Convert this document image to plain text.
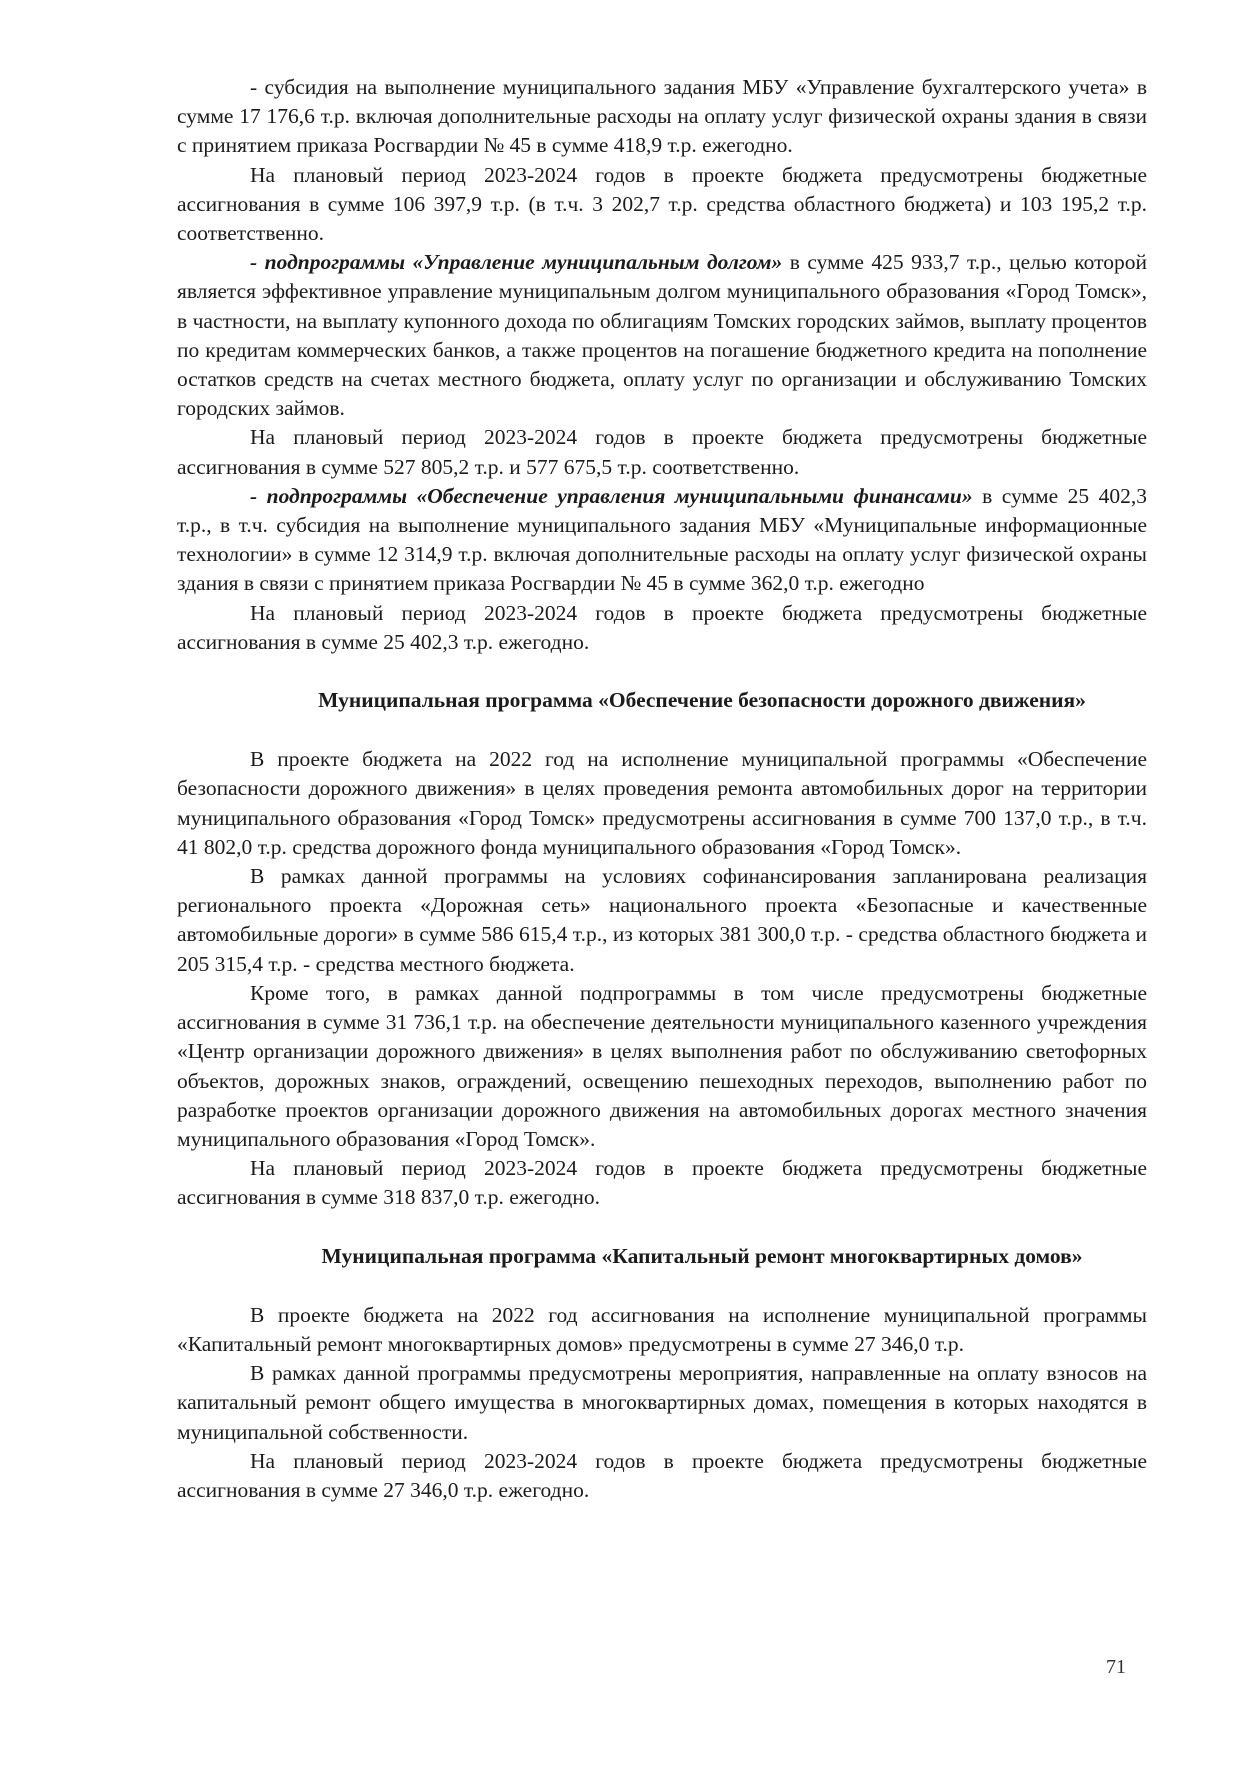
- субсидия на выполнение муниципального задания МБУ «Управление бухгалтерского учета» в сумме 17 176,6 т.р. включая дополнительные расходы на оплату услуг физической охраны здания в связи с принятием приказа Росгвардии № 45 в сумме 418,9 т.р. ежегодно.

На плановый период 2023-2024 годов в проекте бюджета предусмотрены бюджетные ассигнования в сумме 106 397,9 т.р. (в т.ч. 3 202,7 т.р. средства областного бюджета) и 103 195,2 т.р. соответственно.

- подпрограммы «Управление муниципальным долгом» в сумме 425 933,7 т.р., целью которой является эффективное управление муниципальным долгом муниципального образования «Город Томск», в частности, на выплату купонного дохода по облигациям Томских городских займов, выплату процентов по кредитам коммерческих банков, а также процентов на погашение бюджетного кредита на пополнение остатков средств на счетах местного бюджета, оплату услуг по организации и обслуживанию Томских городских займов.

На плановый период 2023-2024 годов в проекте бюджета предусмотрены бюджетные ассигнования в сумме 527 805,2 т.р. и 577 675,5 т.р. соответственно.

- подпрограммы «Обеспечение управления муниципальными финансами» в сумме 25 402,3 т.р., в т.ч. субсидия на выполнение муниципального задания МБУ «Муниципальные информационные технологии» в сумме 12 314,9 т.р. включая дополнительные расходы на оплату услуг физической охраны здания в связи с принятием приказа Росгвардии № 45 в сумме 362,0 т.р. ежегодно

На плановый период 2023-2024 годов в проекте бюджета предусмотрены бюджетные ассигнования в сумме 25 402,3 т.р. ежегодно.

Муниципальная программа «Обеспечение безопасности дорожного движения»

В проекте бюджета на 2022 год на исполнение муниципальной программы «Обеспечение безопасности дорожного движения» в целях проведения ремонта автомобильных дорог на территории муниципального образования «Город Томск» предусмотрены ассигнования в сумме 700 137,0 т.р., в т.ч. 41 802,0 т.р. средства дорожного фонда муниципального образования «Город Томск».

В рамках данной программы на условиях софинансирования запланирована реализация регионального проекта «Дорожная сеть» национального проекта «Безопасные и качественные автомобильные дороги» в сумме 586 615,4 т.р., из которых 381 300,0 т.р. - средства областного бюджета и 205 315,4 т.р. - средства местного бюджета.

Кроме того, в рамках данной подпрограммы в том числе предусмотрены бюджетные ассигнования в сумме 31 736,1 т.р. на обеспечение деятельности муниципального казенного учреждения «Центр организации дорожного движения» в целях выполнения работ по обслуживанию светофорных объектов, дорожных знаков, ограждений, освещению пешеходных переходов, выполнению работ по разработке проектов организации дорожного движения на автомобильных дорогах местного значения муниципального образования «Город Томск».

На плановый период 2023-2024 годов в проекте бюджета предусмотрены бюджетные ассигнования в сумме 318 837,0 т.р. ежегодно.

Муниципальная программа «Капитальный ремонт многоквартирных домов»

В проекте бюджета на 2022 год ассигнования на исполнение муниципальной программы «Капитальный ремонт многоквартирных домов» предусмотрены в сумме 27 346,0 т.р.

В рамках данной программы предусмотрены мероприятия, направленные на оплату взносов на капитальный ремонт общего имущества в многоквартирных домах, помещения в которых находятся в муниципальной собственности.

На плановый период 2023-2024 годов в проекте бюджета предусмотрены бюджетные ассигнования в сумме 27 346,0 т.р. ежегодно.

71
